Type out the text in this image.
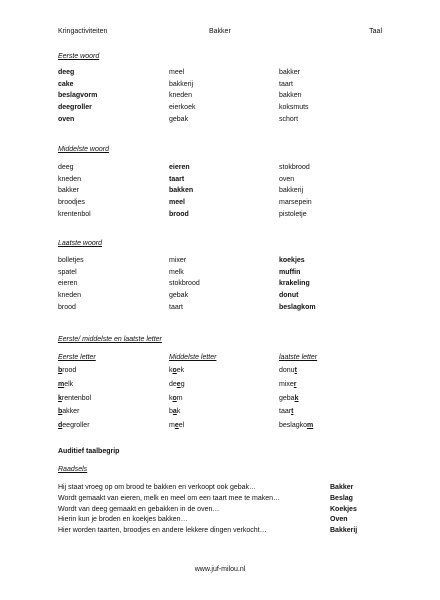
Kringactiviteiten	Bakker	Taal
Eerste woord
deeg	meel	bakker
cake	bakkerij	taart
beslagvorm	kneden	bakken
deegroller	eierkoek	koksmuts
oven	gebak	schort
Middelste woord
deeg	eieren	stokbrood
kneden	taart	oven
bakker	bakken	bakkerij
broodjes	meel	marsepein
krentenbol	brood	pistoletje
Laatste woord
bolletjes	mixer	koekjes
spatel	melk	muffin
eieren	stokbrood	krakeling
kneden	gebak	donut
brood	taart	beslagkom
Eerste/ middelste en laatste letter
Eerste letter	Middelste letter	laatste letter
brood	koek	donut
melk	deeg	mixer
krentenbol	kom	gebak
bakker	bak	taart
deegroller	meel	beslagkom
Auditief taalbegrip
Raadsels
Hij staat vroeg op om brood te bakken en verkoopt ook gebak…	Bakker
Wordt gemaakt van eieren, melk en meel om een taart mee te maken…	Beslag
Wordt van deeg gemaakt en gebakken in de oven…	Koekjes
Hierin kun je broden en koekjes bakken…	Oven
Hier worden taarten, broodjes en andere lekkere dingen verkocht…	Bakkerij
www.juf-milou.nl
